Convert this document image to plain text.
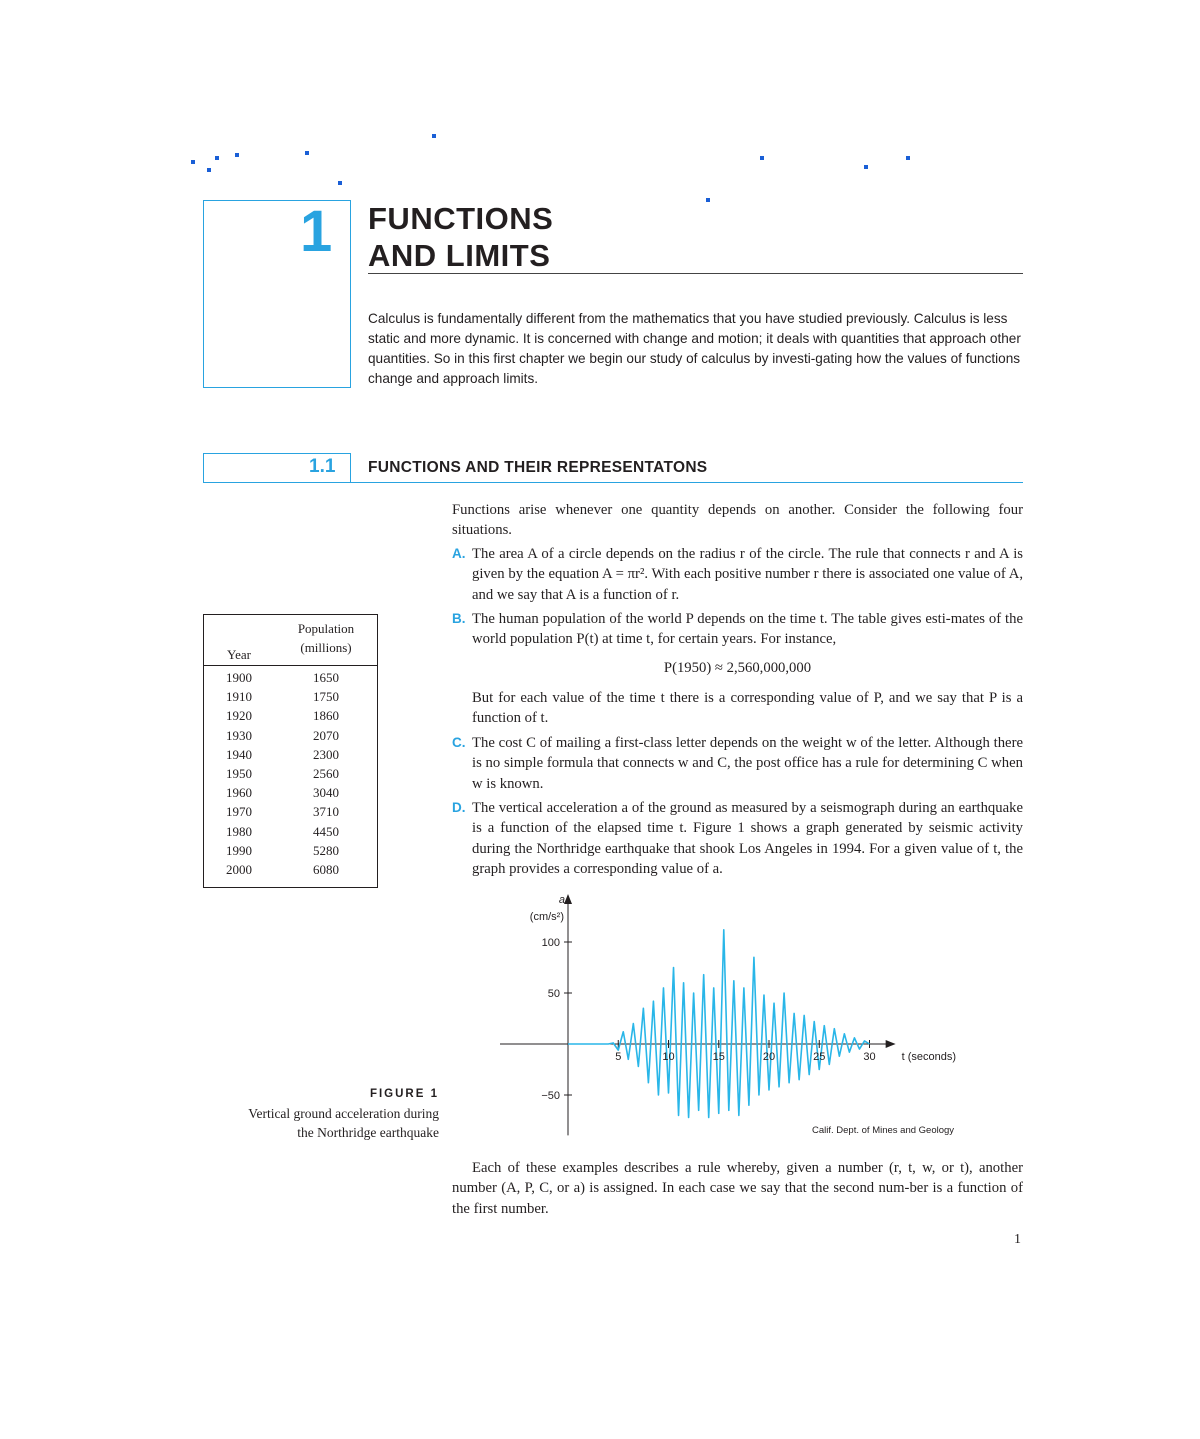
1 FUNCTIONS
AND LIMITS
Calculus is fundamentally different from the mathematics that you have studied previously. Calculus is less static and more dynamic. It is concerned with change and motion; it deals with quantities that approach other quantities. So in this first chapter we begin our study of calculus by investi-gating how the values of functions change and approach limits.
1.1 FUNCTIONS AND THEIR REPRESENTATONS
Functions arise whenever one quantity depends on another. Consider the following four situations.
A. The area A of a circle depends on the radius r of the circle. The rule that connects r and A is given by the equation A = πr². With each positive number r there is associated one value of A, and we say that A is a function of r.
B. The human population of the world P depends on the time t. The table gives esti-mates of the world population P(t) at time t, for certain years. For instance,
P(1950) ≈ 2,560,000,000
But for each value of the time t there is a corresponding value of P, and we say that P is a function of t.
C. The cost C of mailing a first-class letter depends on the weight w of the letter. Although there is no simple formula that connects w and C, the post office has a rule for determining C when w is known.
D. The vertical acceleration a of the ground as measured by a seismograph during an earthquake is a function of the elapsed time t. Figure 1 shows a graph generated by seismic activity during the Northridge earthquake that shook Los Angeles in 1994. For a given value of t, the graph provides a corresponding value of a.
Each of these examples describes a rule whereby, given a number (r, t, w, or t), another number (A, P, C, or a) is assigned. In each case we say that the second num-ber is a function of the first number.
Year
Population
(millions)
1900	1650
1910	1750
1920	1860
1930	2070
1940	2300
1950	2560
1960	3040
1970	3710
1980	4450
1990	5280
2000	6080
FIGURE 1
Vertical ground acceleration during
the Northridge earthquake
5	10	15	20	25	30
100
50
−50
a
(cm/s²)
t (seconds)
Calif. Dept. of Mines and Geology
1
